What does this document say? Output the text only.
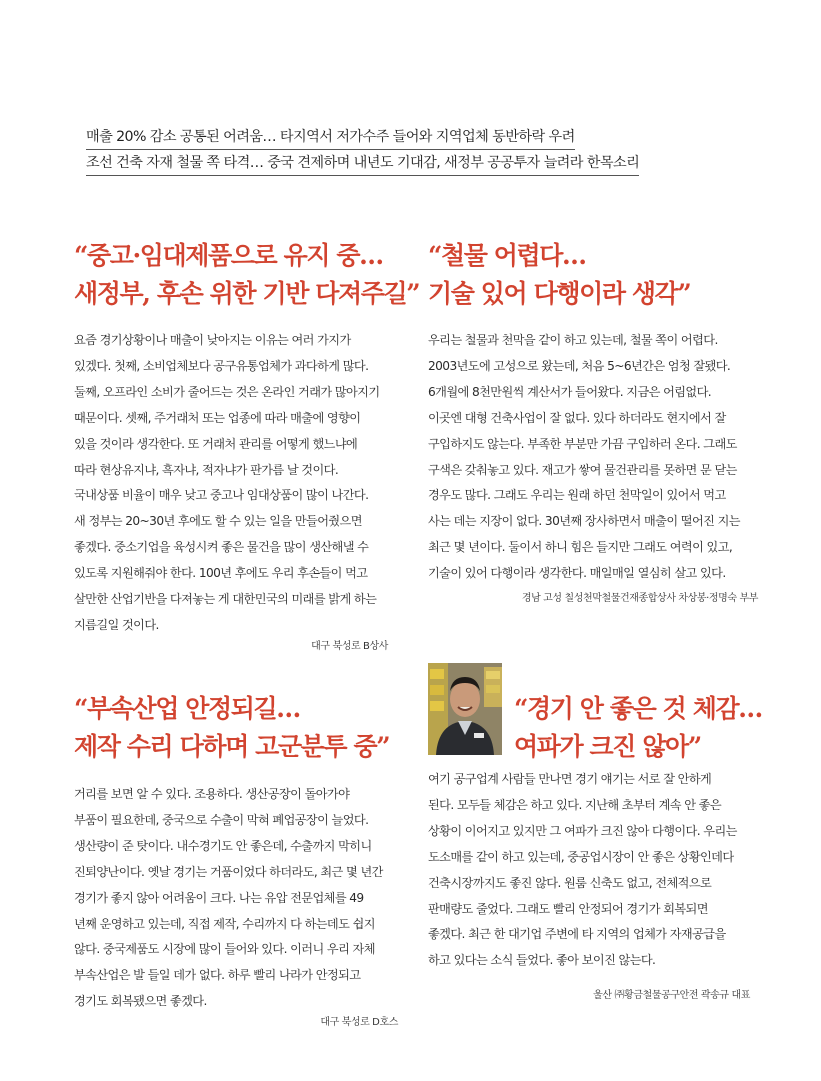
매출 20% 감소 공통된 어려움… 타지역서 저가수주 들어와 지역업체 동반하락 우려
조선 건축 자재 철물 쪽 타격… 중국 견제하며 내년도 기대감, 새정부 공공투자 늘려라 한목소리
“중고·임대제품으로 유지 중…
새정부, 후손 위한 기반 다져주길”
요즘 경기상황이나 매출이 낮아지는 이유는 여러 가지가
있겠다. 첫째, 소비업체보다 공구유통업체가 과다하게 많다.
둘째, 오프라인 소비가 줄어드는 것은 온라인 거래가 많아지기
때문이다. 셋째, 주거래처 또는 업종에 따라 매출에 영향이
있을 것이라 생각한다. 또 거래처 관리를 어떻게 했느냐에
따라 현상유지냐, 흑자냐, 적자냐가 판가름 날 것이다.
국내상품 비율이 매우 낮고 중고나 임대상품이 많이 나간다.
새 정부는 20~30년 후에도 할 수 있는 일을 만들어줬으면
좋겠다. 중소기업을 육성시켜 좋은 물건을 많이 생산해낼 수
있도록 지원해줘야 한다. 100년 후에도 우리 후손들이 먹고
살만한 산업기반을 다져놓는 게 대한민국의 미래를 밝게 하는
지름길일 것이다.
대구 북성로 B상사
“철물 어렵다…
기술 있어 다행이라 생각”
우리는 철물과 천막을 같이 하고 있는데, 철물 쪽이 어렵다.
2003년도에 고성으로 왔는데, 처음 5~6년간은 엄청 잘됐다.
6개월에 8천만원씩 계산서가 들어왔다. 지금은 어림없다.
이곳엔 대형 건축사업이 잘 없다. 있다 하더라도 현지에서 잘
구입하지도 않는다. 부족한 부분만 가끔 구입하러 온다. 그래도
구색은 갖춰놓고 있다. 재고가 쌓여 물건관리를 못하면 문 닫는
경우도 많다. 그래도 우리는 원래 하던 천막일이 있어서 먹고
사는 데는 지장이 없다. 30년째 장사하면서 매출이 떨어진 지는
최근 몇 년이다. 둘이서 하니 힘은 들지만 그래도 여력이 있고,
기술이 있어 다행이라 생각한다. 매일매일 열심히 살고 있다.
경남 고성 칠성천막철물건재종합상사 차상봉·정명숙 부부
“부속산업 안정되길…
제작 수리 다하며 고군분투 중”
거리를 보면 알 수 있다. 조용하다. 생산공장이 돌아가야
부품이 필요한데, 중국으로 수출이 막혀 폐업공장이 늘었다.
생산량이 준 탓이다. 내수경기도 안 좋은데, 수출까지 막히니
진퇴양난이다. 옛날 경기는 거품이었다 하더라도, 최근 몇 년간
경기가 좋지 않아 어려움이 크다. 나는 유압 전문업체를 49
년째 운영하고 있는데, 직접 제작, 수리까지 다 하는데도 쉽지
않다. 중국제품도 시장에 많이 들어와 있다. 이러니 우리 자체
부속산업은 발 들일 데가 없다. 하루 빨리 나라가 안정되고
경기도 회복됐으면 좋겠다.
대구 북성로 D호스
“경기 안 좋은 것 체감…
여파가 크진 않아”
여기 공구업계 사람들 만나면 경기 얘기는 서로 잘 안하게
된다. 모두들 체감은 하고 있다. 지난해 초부터 계속 안 좋은
상황이 이어지고 있지만 그 여파가 크진 않아 다행이다. 우리는
도소매를 같이 하고 있는데, 중공업시장이 안 좋은 상황인데다
건축시장까지도 좋진 않다. 원룸 신축도 없고, 전체적으로
판매량도 줄었다. 그래도 빨리 안정되어 경기가 회복되면
좋겠다. 최근 한 대기업 주변에 타 지역의 업체가 자재공급을
하고 있다는 소식 들었다. 좋아 보이진 않는다.
울산 ㈜황금철물공구안전 곽송규 대표
